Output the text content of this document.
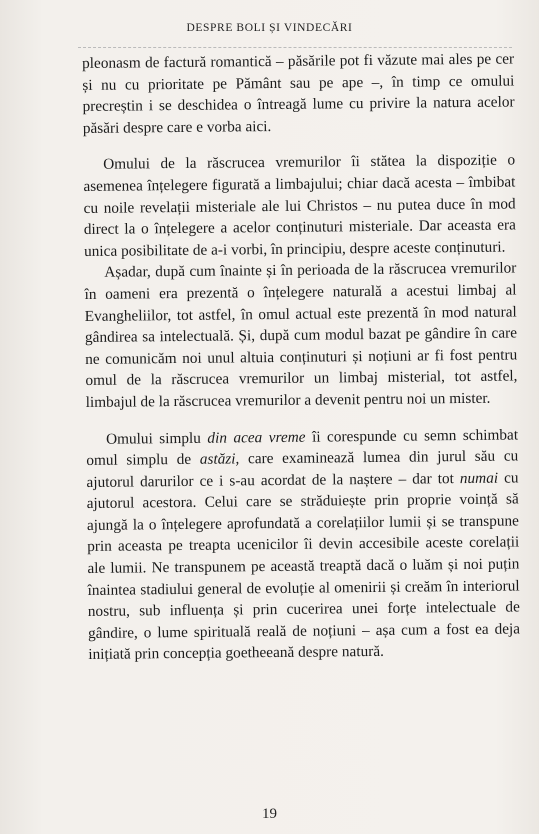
DESPRE BOLI ȘI VINDECĂRI

pleonasm de factură romantică – păsările pot fi văzute mai ales pe cer și nu cu prioritate pe Pământ sau pe ape –, în timp ce omului precreștin i se deschidea o întreagă lume cu privire la natura acelor păsări despre care e vorba aici.

Omului de la răscrucea vremurilor îi stătea la dispoziție o asemenea înțelegere figurată a limbajului; chiar dacă acesta – îmbibat cu noile revelații misteriale ale lui Christos – nu putea duce în mod direct la o înțelegere a acelor conținuturi misteriale. Dar aceasta era unica posibilitate de a-i vorbi, în principiu, despre aceste conținuturi.

Așadar, după cum înainte și în perioada de la răscrucea vremurilor în oameni era prezentă o înțelegere naturală a acestui limbaj al Evangheliilor, tot astfel, în omul actual este prezentă în mod natural gândirea sa intelectuală. Și, după cum modul bazat pe gândire în care ne comunicăm noi unul altuia conținuturi și noțiuni ar fi fost pentru omul de la răscrucea vremurilor un limbaj misterial, tot astfel, limbajul de la răscrucea vremurilor a devenit pentru noi un mister.

Omului simplu din acea vreme îi corespunde cu semn schimbat omul simplu de astăzi, care examinează lumea din jurul său cu ajutorul darurilor ce i s-au acordat de la naștere – dar tot numai cu ajutorul acestora. Celui care se străduiește prin proprie voință să ajungă la o înțelegere aprofundată a corelațiilor lumii și se transpune prin aceasta pe treapta ucenicilor îi devin accesibile aceste corelații ale lumii. Ne transpunem pe această treaptă dacă o luăm și noi puțin înaintea stadiului general de evoluție al omenirii și creăm în interiorul nostru, sub influența și prin cucerirea unei forțe intelectuale de gândire, o lume spirituală reală de noțiuni – așa cum a fost ea deja inițiată prin concepția goetheeană despre natură.

19
